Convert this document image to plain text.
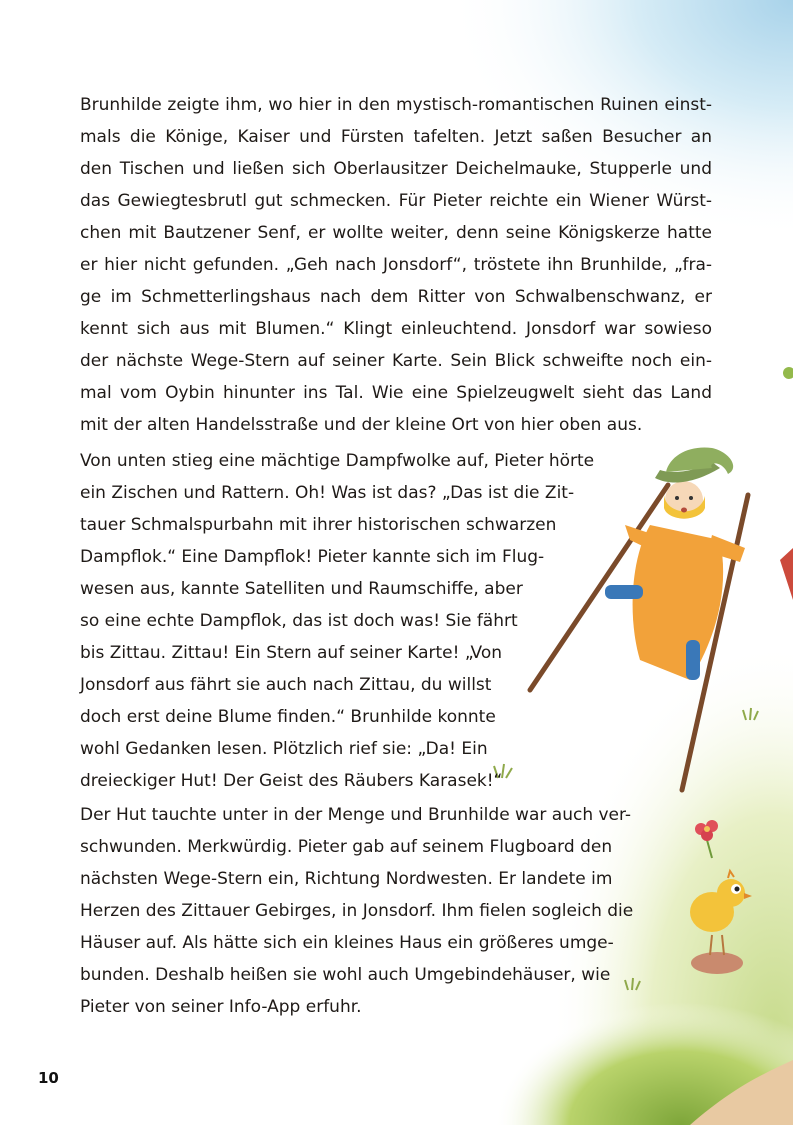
Brunhilde zeigte ihm, wo hier in den mystisch-romantischen Ruinen einst-

mals die Könige, Kaiser und Fürsten tafelten. Jetzt saßen Besucher an

den Tischen und ließen sich Oberlausitzer Deichelmauke, Stupperle und

das Gewiegtesbrutl gut schmecken. Für Pieter reichte ein Wiener Würst-

chen mit Bautzener Senf, er wollte weiter, denn seine Königskerze hatte

er hier nicht gefunden. „Geh nach Jonsdorf“, tröstete ihn Brunhilde, „fra-

ge im Schmetterlingshaus nach dem Ritter von Schwalbenschwanz, er

kennt sich aus mit Blumen.“ Klingt einleuchtend. Jonsdorf war sowieso

der nächste Wege-Stern auf seiner Karte. Sein Blick schweifte noch ein-

mal vom Oybin hinunter ins Tal. Wie eine Spielzeugwelt sieht das Land

mit der alten Handelsstraße und der kleine Ort von hier oben aus.

Von unten stieg eine mächtige Dampfwolke auf, Pieter hörte

ein Zischen und Rattern. Oh! Was ist das? „Das ist die Zit-

tauer Schmalspurbahn mit ihrer historischen schwarzen

Dampflok.“ Eine Dampflok! Pieter kannte sich im Flug-

wesen aus, kannte Satelliten und Raumschiffe, aber

so eine echte Dampflok, das ist doch was! Sie fährt

bis Zittau. Zittau! Ein Stern auf seiner Karte! „Von

Jonsdorf aus fährt sie auch nach Zittau, du willst

doch erst deine Blume finden.“ Brunhilde konnte

wohl Gedanken lesen. Plötzlich rief sie: „Da! Ein

dreieckiger Hut! Der Geist des Räubers Karasek!“

Der Hut tauchte unter in der Menge und Brunhilde war auch ver-

schwunden. Merkwürdig. Pieter gab auf seinem Flugboard den

nächsten Wege-Stern ein, Richtung Nordwesten. Er landete im

Herzen des Zittauer Gebirges, in Jonsdorf. Ihm fielen sogleich die

Häuser auf. Als hätte sich ein kleines Haus ein größeres umge-

bunden. Deshalb heißen sie wohl auch Umgebindehäuser, wie

Pieter von seiner Info-App erfuhr.

10
